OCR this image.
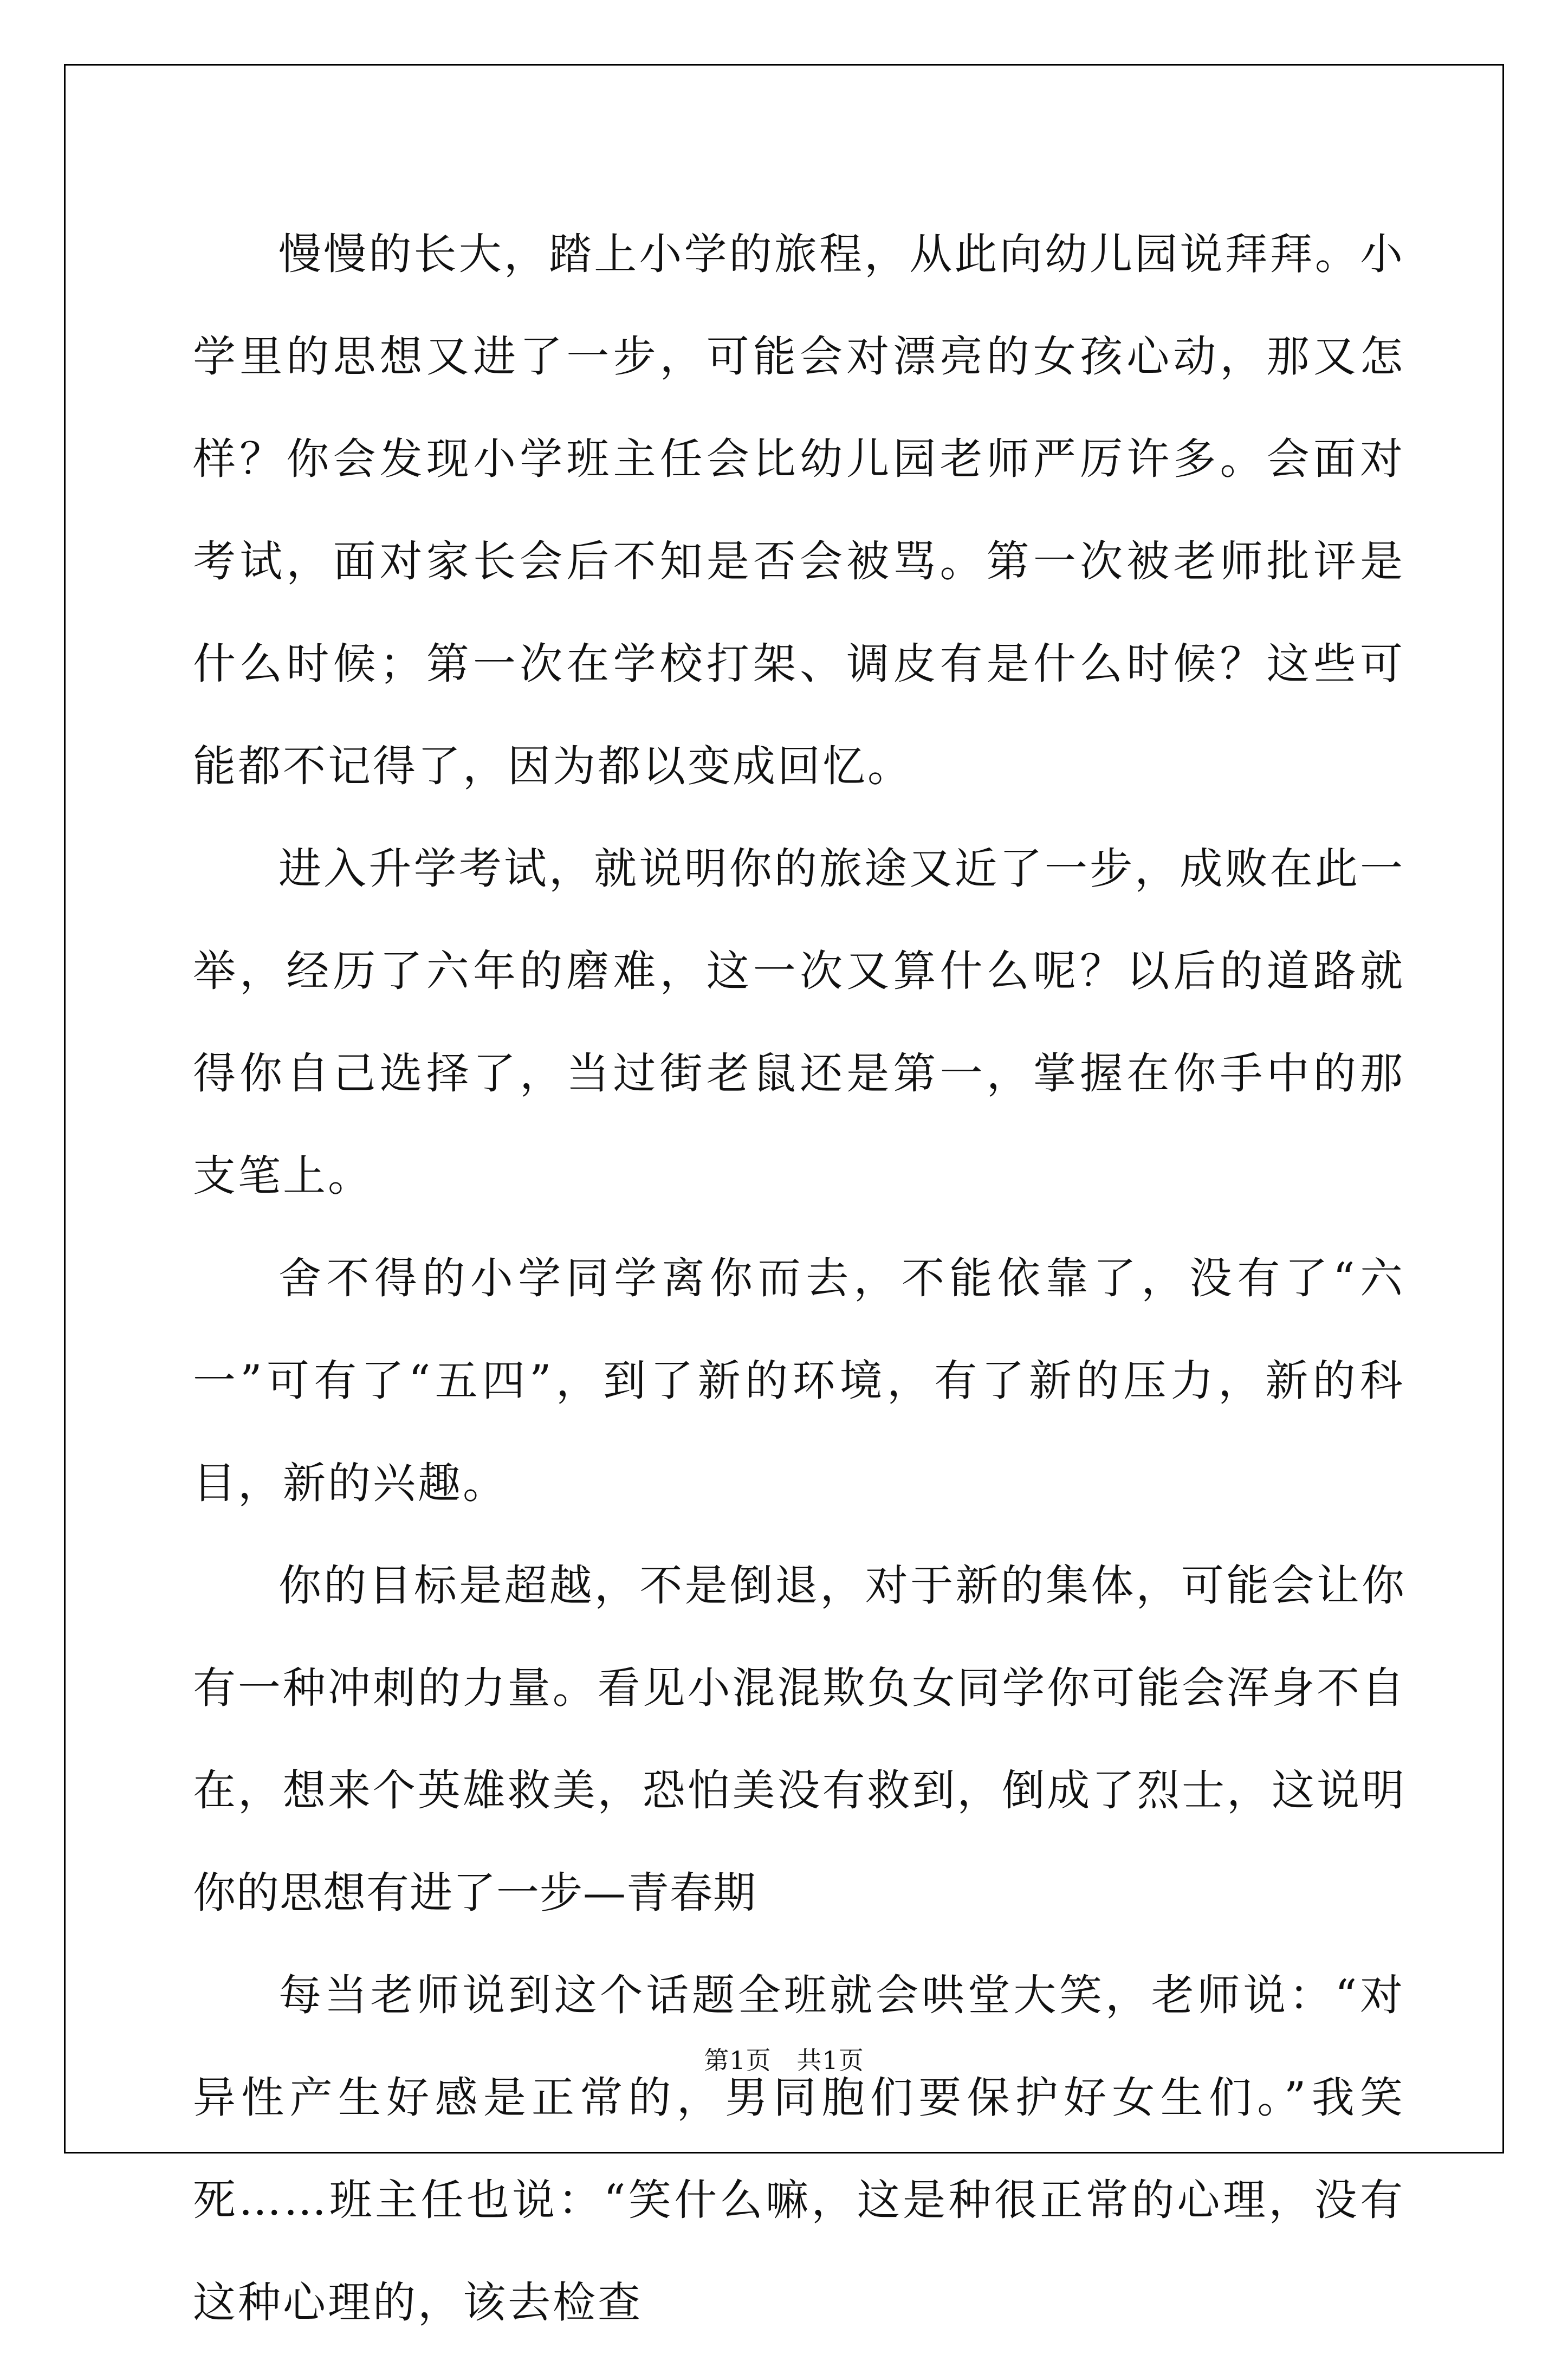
慢慢的长大，踏上小学的旅程，从此向幼儿园说拜拜。小学里的思想又进了一步，可能会对漂亮的女孩心动，那又怎样？你会发现小学班主任会比幼儿园老师严厉许多。会面对考试，面对家长会后不知是否会被骂。第一次被老师批评是什么时候；第一次在学校打架、调皮有是什么时候？这些可能都不记得了，因为都以变成回忆。

进入升学考试，就说明你的旅途又近了一步，成败在此一举，经历了六年的磨难，这一次又算什么呢？以后的道路就得你自己选择了，当过街老鼠还是第一，掌握在你手中的那支笔上。

舍不得的小学同学离你而去，不能依靠了，没有了“六一”可有了“五四”，到了新的环境，有了新的压力，新的科目，新的兴趣。

你的目标是超越，不是倒退，对于新的集体，可能会让你有一种冲刺的力量。看见小混混欺负女同学你可能会浑身不自在，想来个英雄救美，恐怕美没有救到，倒成了烈士，这说明你的思想有进了一步—青春期

每当老师说到这个话题全班就会哄堂大笑，老师说：“对异性产生好感是正常的，男同胞们要保护好女生们。”我笑死……班主任也说：“笑什么嘛，这是种很正常的心理，没有这种心理的，该去检查

第1页   共1页
